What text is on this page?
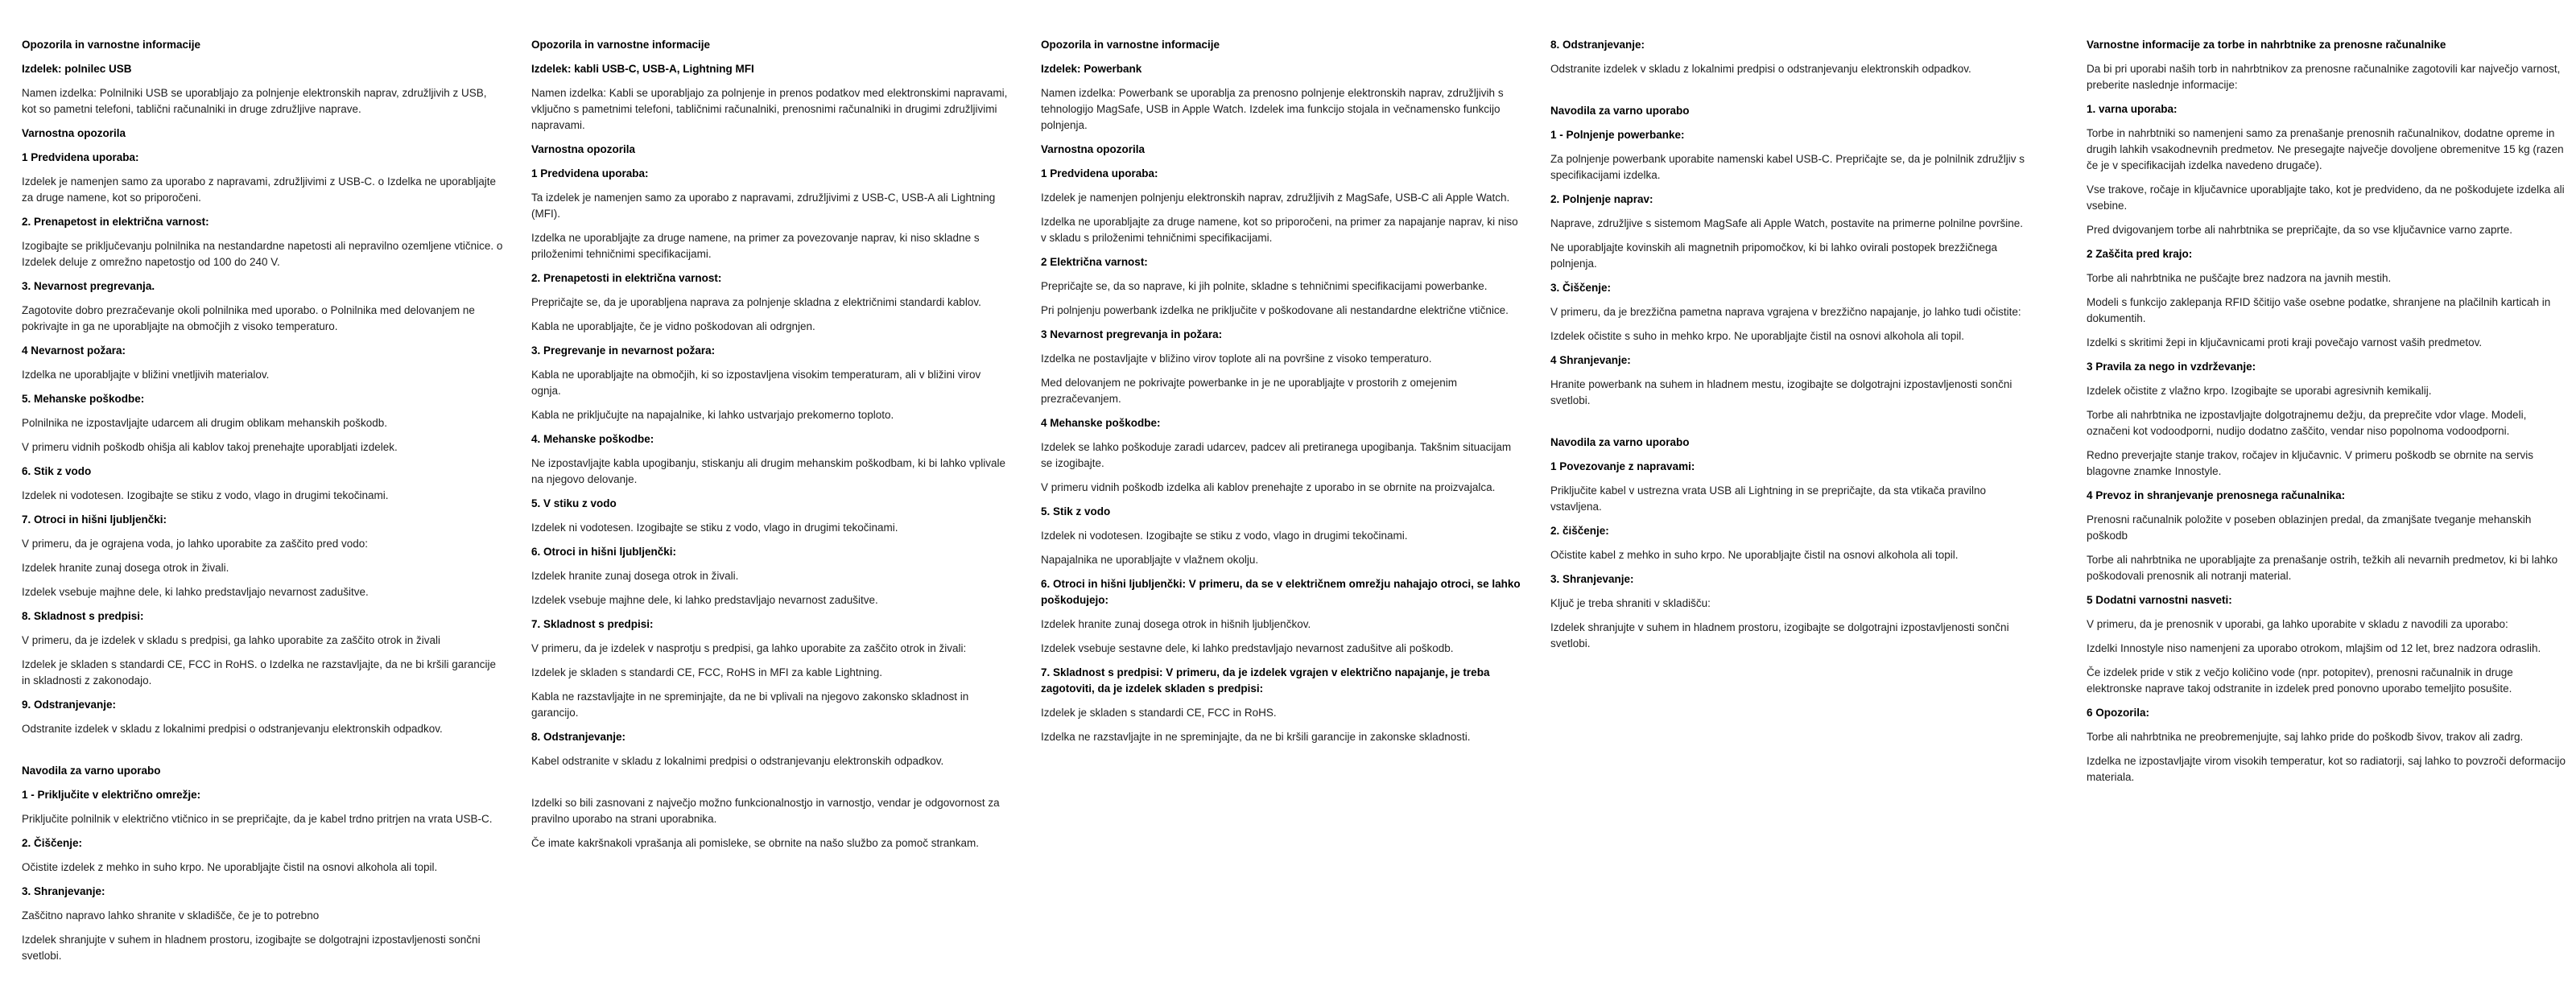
Opozorila in varnostne informacije

Izdelek: polnilec USB

Namen izdelka: Polnilniki USB se uporabljajo za polnjenje elektronskih naprav, združljivih z USB, kot so pametni telefoni, tablični računalniki in druge združljive naprave.

Varnostna opozorila

1 Predvidena uporaba:

Izdelek je namenjen samo za uporabo z napravami, združljivimi z USB-C. o Izdelka ne uporabljajte za druge namene, kot so priporočeni.

2. Prenapetost in električna varnost:

Izogibajte se priključevanju polnilnika na nestandardne napetosti ali nepravilno ozemljene vtičnice. o Izdelek deluje z omrežno napetostjo od 100 do 240 V.

3. Nevarnost pregrevanja.

Zagotovite dobro prezračevanje okoli polnilnika med uporabo. o Polnilnika med delovanjem ne pokrivajte in ga ne uporabljajte na območjih z visoko temperaturo.

4 Nevarnost požara:

Izdelka ne uporabljajte v bližini vnetljivih materialov.

5. Mehanske poškodbe:

Polnilnika ne izpostavljajte udarcem ali drugim oblikam mehanskih poškodb.

V primeru vidnih poškodb ohišja ali kablov takoj prenehajte uporabljati izdelek.

6. Stik z vodo

Izdelek ni vodotesen. Izogibajte se stiku z vodo, vlago in drugimi tekočinami.

7. Otroci in hišni ljubljenčki:

V primeru, da je ograjena voda, jo lahko uporabite za zaščito pred vodo:

Izdelek hranite zunaj dosega otrok in živali.

Izdelek vsebuje majhne dele, ki lahko predstavljajo nevarnost zadušitve.

8. Skladnost s predpisi:

V primeru, da je izdelek v skladu s predpisi, ga lahko uporabite za zaščito otrok in živali

Izdelek je skladen s standardi CE, FCC in RoHS. o Izdelka ne razstavljajte, da ne bi kršili garancije in skladnosti z zakonodajo.

9. Odstranjevanje:

Odstranite izdelek v skladu z lokalnimi predpisi o odstranjevanju elektronskih odpadkov.

Navodila za varno uporabo

1 - Priključite v električno omrežje:

Priključite polnilnik v električno vtičnico in se prepričajte, da je kabel trdno pritrjen na vrata USB-C.

2. Čiščenje:

Očistite izdelek z mehko in suho krpo. Ne uporabljajte čistil na osnovi alkohola ali topil.

3. Shranjevanje:

Zaščitno napravo lahko shranite v skladišče, če je to potrebno

Izdelek shranjujte v suhem in hladnem prostoru, izogibajte se dolgotrajni izpostavljenosti sončni svetlobi.

Opozorila in varnostne informacije

Izdelek: kabli USB-C, USB-A, Lightning MFI

Namen izdelka: Kabli se uporabljajo za polnjenje in prenos podatkov med elektronskimi napravami, vključno s pametnimi telefoni, tabličnimi računalniki, prenosnimi računalniki in drugimi združljivimi napravami.

Varnostna opozorila

1 Predvidena uporaba:

Ta izdelek je namenjen samo za uporabo z napravami, združljivimi z USB-C, USB-A ali Lightning (MFI).

Izdelka ne uporabljajte za druge namene, na primer za povezovanje naprav, ki niso skladne s priloženimi tehničnimi specifikacijami.

2. Prenapetosti in električna varnost:

Prepričajte se, da je uporabljena naprava za polnjenje skladna z električnimi standardi kablov.

Kabla ne uporabljajte, če je vidno poškodovan ali odrgnjen.

3. Pregrevanje in nevarnost požara:

Kabla ne uporabljajte na območjih, ki so izpostavljena visokim temperaturam, ali v bližini virov ognja.

Kabla ne priključujte na napajalnike, ki lahko ustvarjajo prekomerno toploto.

4. Mehanske poškodbe:

Ne izpostavljajte kabla upogibanju, stiskanju ali drugim mehanskim poškodbam, ki bi lahko vplivale na njegovo delovanje.

5. V stiku z vodo

Izdelek ni vodotesen. Izogibajte se stiku z vodo, vlago in drugimi tekočinami.

6. Otroci in hišni ljubljenčki:

Izdelek hranite zunaj dosega otrok in živali.

Izdelek vsebuje majhne dele, ki lahko predstavljajo nevarnost zadušitve.

7. Skladnost s predpisi:

V primeru, da je izdelek v nasprotju s predpisi, ga lahko uporabite za zaščito otrok in živali:

Izdelek je skladen s standardi CE, FCC, RoHS in MFI za kable Lightning.

Kabla ne razstavljajte in ne spreminjajte, da ne bi vplivali na njegovo zakonsko skladnost in garancijo.

8. Odstranjevanje:

Kabel odstranite v skladu z lokalnimi predpisi o odstranjevanju elektronskih odpadkov.

Izdelki so bili zasnovani z največjo možno funkcionalnostjo in varnostjo, vendar je odgovornost za pravilno uporabo na strani uporabnika.

Če imate kakršnakoli vprašanja ali pomisleke, se obrnite na našo službo za pomoč strankam.

Opozorila in varnostne informacije

Izdelek: Powerbank

Namen izdelka: Powerbank se uporablja za prenosno polnjenje elektronskih naprav, združljivih s tehnologijo MagSafe, USB in Apple Watch. Izdelek ima funkcijo stojala in večnamensko funkcijo polnjenja.

Varnostna opozorila

1 Predvidena uporaba:

Izdelek je namenjen polnjenju elektronskih naprav, združljivih z MagSafe, USB-C ali Apple Watch.

Izdelka ne uporabljajte za druge namene, kot so priporočeni, na primer za napajanje naprav, ki niso v skladu s priloženimi tehničnimi specifikacijami.

2 Električna varnost:

Prepričajte se, da so naprave, ki jih polnite, skladne s tehničnimi specifikacijami powerbanke.

Pri polnjenju powerbank izdelka ne priključite v poškodovane ali nestandardne električne vtičnice.

3 Nevarnost pregrevanja in požara:

Izdelka ne postavljajte v bližino virov toplote ali na površine z visoko temperaturo.

Med delovanjem ne pokrivajte powerbanke in je ne uporabljajte v prostorih z omejenim prezračevanjem.

4 Mehanske poškodbe:

Izdelek se lahko poškoduje zaradi udarcev, padcev ali pretiranega upogibanja. Takšnim situacijam se izogibajte.

V primeru vidnih poškodb izdelka ali kablov prenehajte z uporabo in se obrnite na proizvajalca.

5. Stik z vodo

Izdelek ni vodotesen. Izogibajte se stiku z vodo, vlago in drugimi tekočinami.

Napajalnika ne uporabljajte v vlažnem okolju.

6. Otroci in hišni ljubljenčki: V primeru, da se v električnem omrežju nahajajo otroci, se lahko poškodujejo:

Izdelek hranite zunaj dosega otrok in hišnih ljubljenčkov.

Izdelek vsebuje sestavne dele, ki lahko predstavljajo nevarnost zadušitve ali poškodb.

7. Skladnost s predpisi: V primeru, da je izdelek vgrajen v električno napajanje, je treba zagotoviti, da je izdelek skladen s predpisi:

Izdelek je skladen s standardi CE, FCC in RoHS.

Izdelka ne razstavljajte in ne spreminjajte, da ne bi kršili garancije in zakonske skladnosti.

8. Odstranjevanje:

Odstranite izdelek v skladu z lokalnimi predpisi o odstranjevanju elektronskih odpadkov.

Navodila za varno uporabo

1 - Polnjenje powerbanke:

Za polnjenje powerbank uporabite namenski kabel USB-C. Prepričajte se, da je polnilnik združljiv s specifikacijami izdelka.

2. Polnjenje naprav:

Naprave, združljive s sistemom MagSafe ali Apple Watch, postavite na primerne polnilne površine.

Ne uporabljajte kovinskih ali magnetnih pripomočkov, ki bi lahko ovirali postopek brezžičnega polnjenja.

3. Čiščenje:

V primeru, da je brezžična pametna naprava vgrajena v brezžično napajanje, jo lahko tudi očistite:

Izdelek očistite s suho in mehko krpo. Ne uporabljajte čistil na osnovi alkohola ali topil.

4 Shranjevanje:

Hranite powerbank na suhem in hladnem mestu, izogibajte se dolgotrajni izpostavljenosti sončni svetlobi.

Navodila za varno uporabo

1 Povezovanje z napravami:

Priključite kabel v ustrezna vrata USB ali Lightning in se prepričajte, da sta vtikača pravilno vstavljena.

2. čiščenje:

Očistite kabel z mehko in suho krpo. Ne uporabljajte čistil na osnovi alkohola ali topil.

3. Shranjevanje:

Ključ je treba shraniti v skladišču:

Izdelek shranjujte v suhem in hladnem prostoru, izogibajte se dolgotrajni izpostavljenosti sončni svetlobi.

Varnostne informacije za torbe in nahrbtnike za prenosne računalnike

Da bi pri uporabi naših torb in nahrbtnikov za prenosne računalnike zagotovili kar največjo varnost, preberite naslednje informacije:

1. varna uporaba:

Torbe in nahrbtniki so namenjeni samo za prenašanje prenosnih računalnikov, dodatne opreme in drugih lahkih vsakodnevnih predmetov. Ne presegajte največje dovoljene obremenitve 15 kg (razen če je v specifikacijah izdelka navedeno drugače).

Vse trakove, ročaje in ključavnice uporabljajte tako, kot je predvideno, da ne poškodujete izdelka ali vsebine.

Pred dvigovanjem torbe ali nahrbtnika se prepričajte, da so vse ključavnice varno zaprte.

2 Zaščita pred krajo:

Torbe ali nahrbtnika ne puščajte brez nadzora na javnih mestih.

Modeli s funkcijo zaklepanja RFID ščitijo vaše osebne podatke, shranjene na plačilnih karticah in dokumentih.

Izdelki s skritimi žepi in ključavnicami proti kraji povečajo varnost vaših predmetov.

3 Pravila za nego in vzdrževanje:

Izdelek očistite z vlažno krpo. Izogibajte se uporabi agresivnih kemikalij.

Torbe ali nahrbtnika ne izpostavljajte dolgotrajnemu dežju, da preprečite vdor vlage. Modeli, označeni kot vodoodporni, nudijo dodatno zaščito, vendar niso popolnoma vodoodporni.

Redno preverjajte stanje trakov, ročajev in ključavnic. V primeru poškodb se obrnite na servis blagovne znamke Innostyle.

4 Prevoz in shranjevanje prenosnega računalnika:

Prenosni računalnik položite v poseben oblazinjen predal, da zmanjšate tveganje mehanskih poškodb

Torbe ali nahrbtnika ne uporabljajte za prenašanje ostrih, težkih ali nevarnih predmetov, ki bi lahko poškodovali prenosnik ali notranji material.

5 Dodatni varnostni nasveti:

V primeru, da je prenosnik v uporabi, ga lahko uporabite v skladu z navodili za uporabo:

Izdelki Innostyle niso namenjeni za uporabo otrokom, mlajšim od 12 let, brez nadzora odraslih.

Če izdelek pride v stik z večjo količino vode (npr. potopitev), prenosni računalnik in druge elektronske naprave takoj odstranite in izdelek pred ponovno uporabo temeljito posušite.

6 Opozorila:

Torbe ali nahrbtnika ne preobremenjujte, saj lahko pride do poškodb šivov, trakov ali zadrg.

Izdelka ne izpostavljajte virom visokih temperatur, kot so radiatorji, saj lahko to povzroči deformacijo materiala.
